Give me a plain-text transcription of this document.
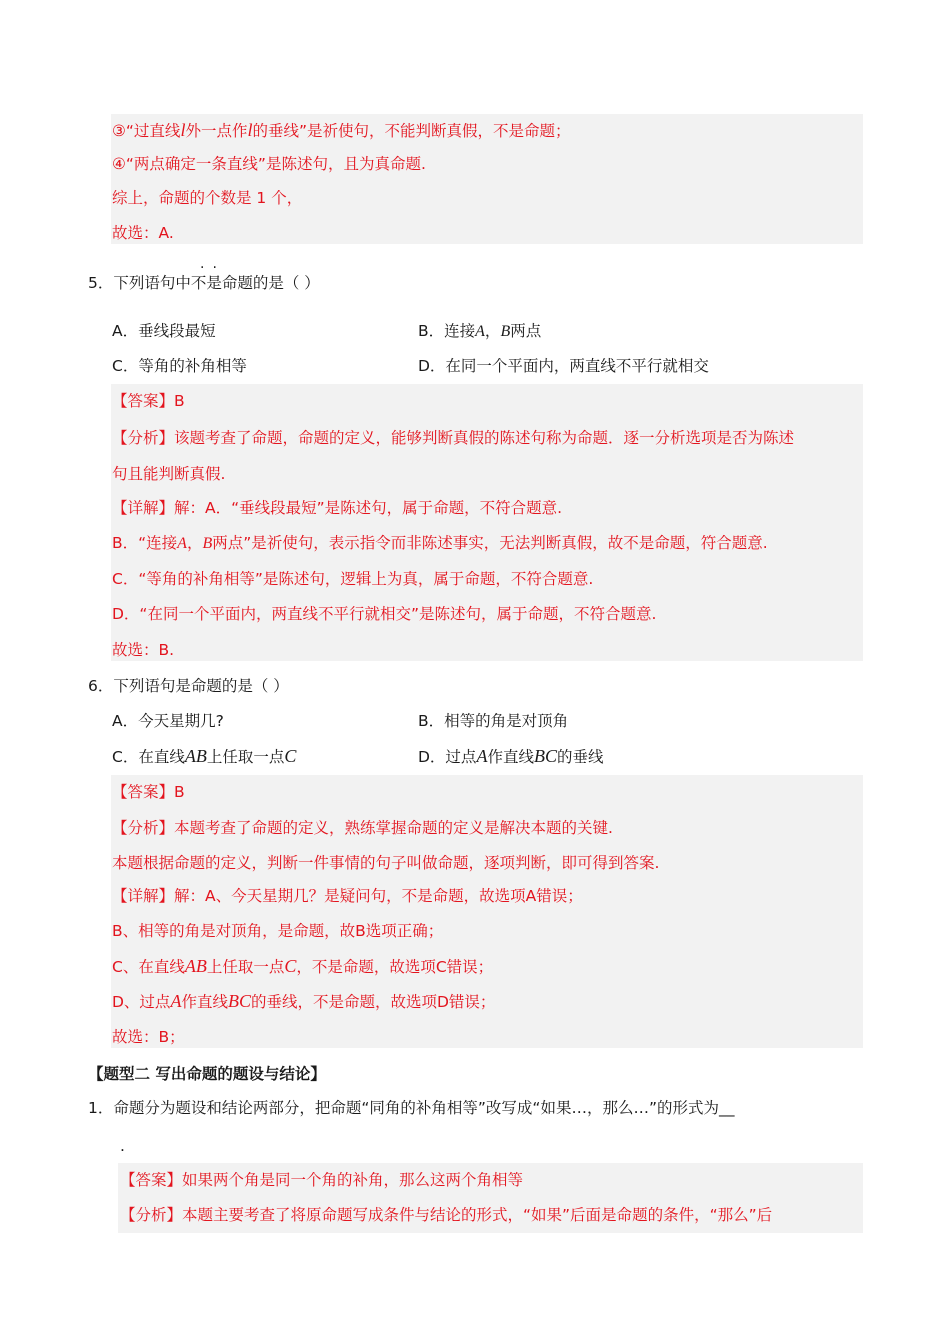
③“过直线l外一点作l的垂线”是祈使句，不能判断真假，不是命题；
④“两点确定一条直线”是陈述句，且为真命题.
综上，命题的个数是 1 个，
故选：A.
..
5．下列语句中不是命题的是（ ）
A．垂线段最短	B．连接A，B两点
C．等角的补角相等	D．在同一个平面内，两直线不平行就相交
【答案】B
【分析】该题考查了命题，命题的定义，能够判断真假的陈述句称为命题．逐一分析选项是否为陈述
句且能判断真假.
【详解】解：A．“垂线段最短”是陈述句，属于命题，不符合题意.
B．“连接A，B两点”是祈使句，表示指令而非陈述事实，无法判断真假，故不是命题，符合题意.
C．“等角的补角相等”是陈述句，逻辑上为真，属于命题，不符合题意.
D．“在同一个平面内，两直线不平行就相交”是陈述句，属于命题，不符合题意.
故选：B.
6．下列语句是命题的是（ ）
A．今天星期几?	B．相等的角是对顶角
C．在直线AB上任取一点C	D．过点A作直线BC的垂线
【答案】B
【分析】本题考查了命题的定义，熟练掌握命题的定义是解决本题的关键.
本题根据命题的定义，判断一件事情的句子叫做命题，逐项判断，即可得到答案.
【详解】解：A、今天星期几？是疑问句，不是命题，故选项A错误；
B、相等的角是对顶角，是命题，故B选项正确；
C、在直线AB上任取一点C，不是命题，故选项C错误；
D、过点A作直线BC的垂线，不是命题，故选项D错误；
故选：B；
【题型二 写出命题的题设与结论】
1．命题分为题设和结论两部分，把命题“同角的补角相等”改写成“如果…，那么…”的形式为__
.
【答案】如果两个角是同一个角的补角，那么这两个角相等
【分析】本题主要考查了将原命题写成条件与结论的形式，“如果”后面是命题的条件，“那么”后
